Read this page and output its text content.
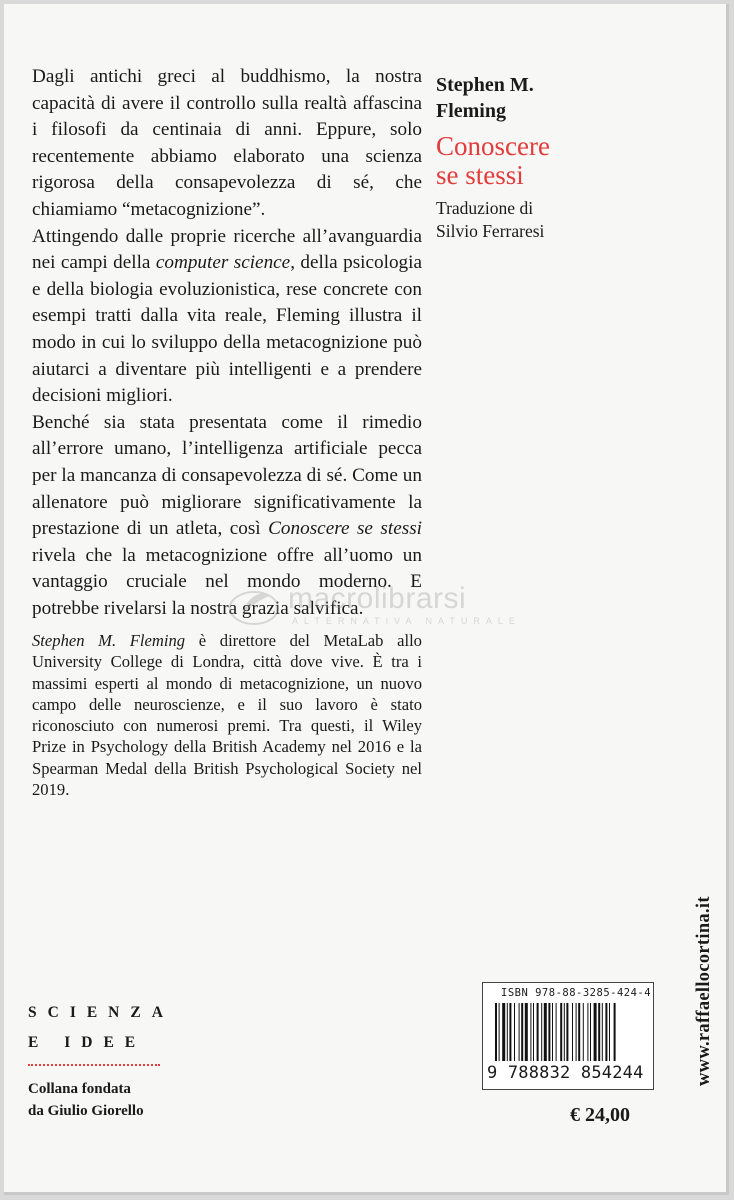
Dagli antichi greci al buddhismo, la nostra capacità di avere il controllo sulla realtà affascina i filosofi da centinaia di anni. Eppure, solo recentemente abbiamo elaborato una scienza rigorosa della consapevolezza di sé, che chiamiamo “metacognizione”.

Attingendo dalle proprie ricerche all’avanguardia nei campi della computer science, della psicologia e della biologia evoluzionistica, rese concrete con esempi tratti dalla vita reale, Fleming illustra il modo in cui lo sviluppo della metacognizione può aiutarci a diventare più intelligenti e a prendere decisioni migliori.

Benché sia stata presentata come il rimedio all’errore umano, l’intelligenza artificiale pecca per la mancanza di consapevolezza di sé. Come un allenatore può migliorare significativamente la prestazione di un atleta, così Conoscere se stessi rivela che la metacognizione offre all’uomo un vantaggio cruciale nel mondo moderno. E potrebbe rivelarsi la nostra grazia salvifica.

macrolibrarsi
ALTERNATIVA NATURALE

Stephen M. Fleming è direttore del MetaLab allo University College di Londra, città dove vive. È tra i massimi esperti al mondo di metacognizione, un nuovo campo delle neuroscienze, e il suo lavoro è stato riconosciuto con numerosi premi. Tra questi, il Wiley Prize in Psychology della British Academy nel 2016 e la Spearman Medal della British Psychological Society nel 2019.

Stephen M.
Fleming
Conoscere
se stessi
Traduzione di
Silvio Ferraresi
SCIENZA
E IDEE
Collana fondata
da Giulio Giorello
ISBN 978-88-3285-424-4
9 788832 854244
€ 24,00
www.raffaellocortina.it
